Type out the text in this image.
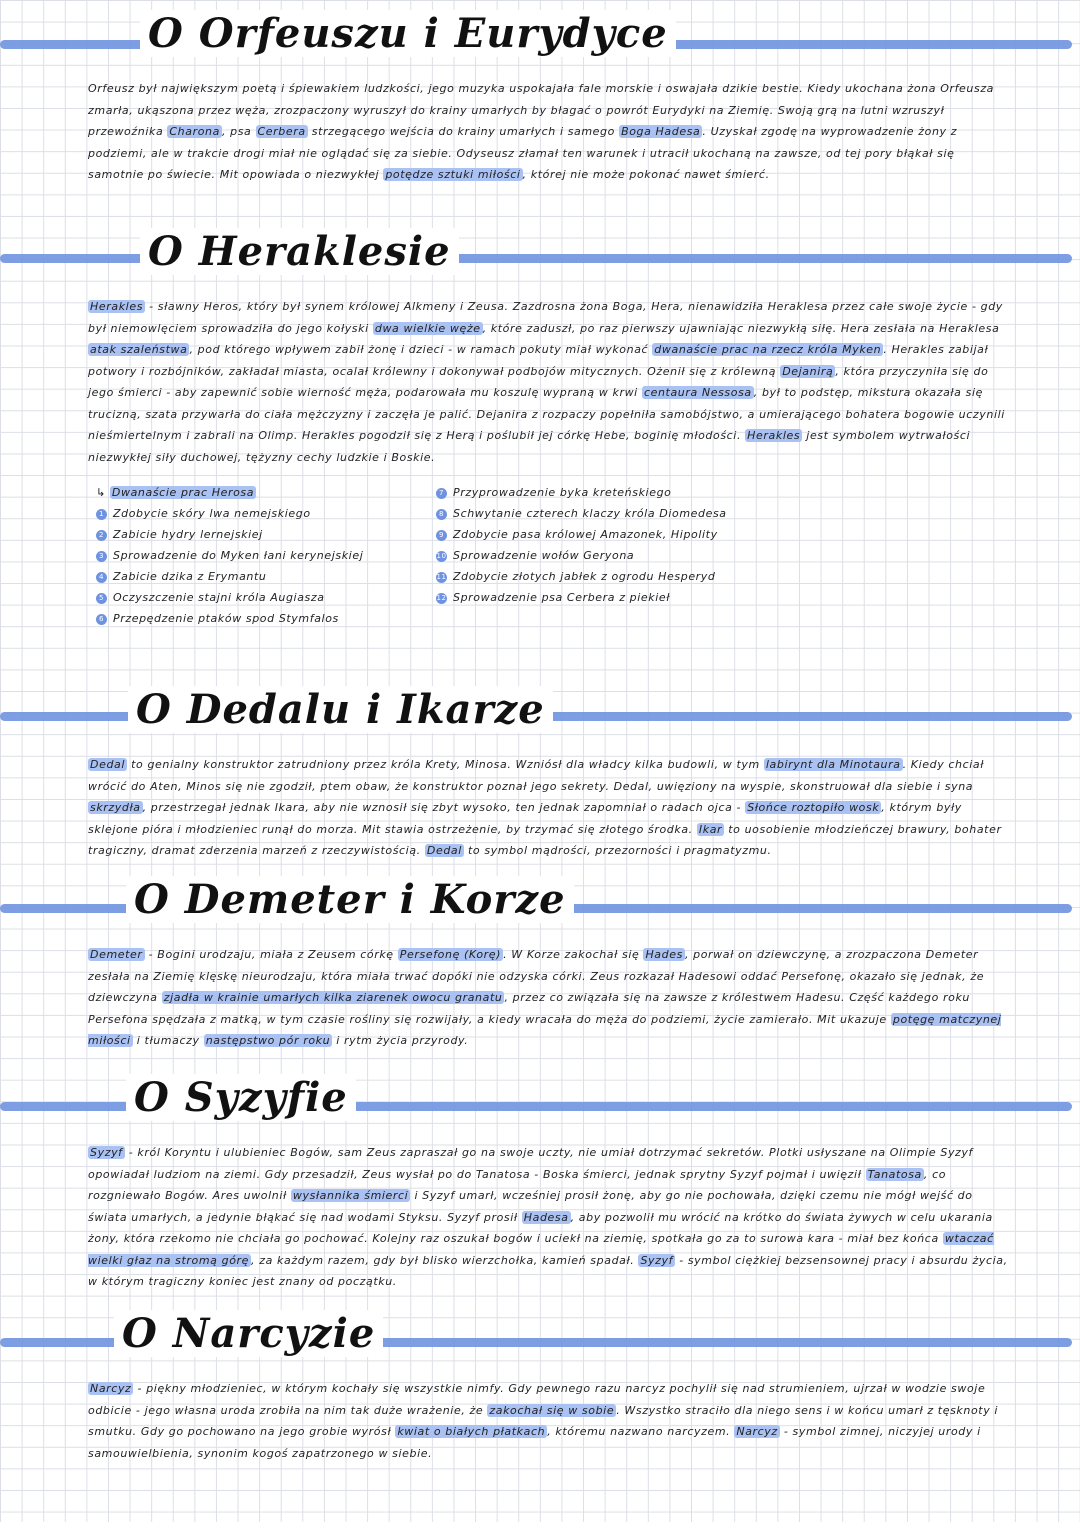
O Orfeuszu i Eurydyce

Orfeusz był największym poetą i śpiewakiem ludzkości, jego muzyka uspokajała fale morskie i oswajała dzikie bestie. Kiedy ukochana żona Orfeusza zmarła, ukąszona przez węża, zrozpaczony wyruszył do krainy umarłych by błagać o powrót Eurydyki na Ziemię. Swoją grą na lutni wzruszył przewoźnika Charona , psa Cerbera strzegącego wejścia do krainy umarłych i samego Boga Hadesa . Uzyskał zgodę na wyprowadzenie żony z podziemi, ale w trakcie drogi miał nie oglądać się za siebie. Odyseusz złamał ten warunek i utracił ukochaną na zawsze, od tej pory błąkał się samotnie po świecie. Mit opowiada o niezwykłej potędze sztuki miłości , której nie może pokonać nawet śmierć.

O Heraklesie

Herakles - sławny Heros, który był synem królowej Alkmeny i Zeusa. Zazdrosna żona Boga, Hera, nienawidziła Heraklesa przez całe swoje życie - gdy był niemowlęciem sprowadziła do jego kołyski dwa wielkie węże , które zaduszł, po raz pierwszy ujawniając niezwykłą siłę. Hera zesłała na Heraklesa atak szaleństwa , pod którego wpływem zabił żonę i dzieci - w ramach pokuty miał wykonać dwanaście prac na rzecz króla Myken . Herakles zabijał potwory i rozbójników, zakładał miasta, ocalał królewny i dokonywał podbojów mitycznych. Ożenił się z królewną Dejanirą , która przyczyniła się do jego śmierci - aby zapewnić sobie wierność męża, podarowała mu koszulę wypraną w krwi centaura Nessosa , był to podstęp, mikstura okazała się trucizną, szata przywarła do ciała mężczyzny i zaczęła je palić. Dejanira z rozpaczy popełniła samobójstwo, a umierającego bohatera bogowie uczynili nieśmiertelnym i zabrali na Olimp. Herakles pogodził się z Herą i poślubił jej córkę Hebe, boginię młodości. Herakles jest symbolem wytrwałości niezwykłej siły duchowej, tężyzny cechy ludzkie i Boskie.

↳ Dwanaście prac Herosa
1 Zdobycie skóry lwa nemejskiego
2 Zabicie hydry lernejskiej
3 Sprowadzenie do Myken łani kerynejskiej
4 Zabicie dzika z Erymantu
5 Oczyszczenie stajni króla Augiasza
6 Przepędzenie ptaków spod Stymfalos
7 Przyprowadzenie byka kreteńskiego
8 Schwytanie czterech klaczy króla Diomedesa
9 Zdobycie pasa królowej Amazonek, Hipolity
10 Sprowadzenie wołów Geryona
11 Zdobycie złotych jabłek z ogrodu Hesperyd
12 Sprowadzenie psa Cerbera z piekieł
O Dedalu i Ikarze

Dedal to genialny konstruktor zatrudniony przez króla Krety, Minosa. Wzniósł dla władcy kilka budowli, w tym labirynt dla Minotaura . Kiedy chciał wrócić do Aten, Minos się nie zgodził, ptem obaw, że konstruktor poznał jego sekrety. Dedal, uwięziony na wyspie, skonstruował dla siebie i syna skrzydła , przestrzegał jednak Ikara, aby nie wznosił się zbyt wysoko, ten jednak zapomniał o radach ojca - Słońce roztopiło wosk , którym były sklejone pióra i młodzieniec runął do morza. Mit stawia ostrzeżenie, by trzymać się złotego środka. Ikar to uosobienie młodzieńczej brawury, bohater tragiczny, dramat zderzenia marzeń z rzeczywistością. Dedal to symbol mądrości, przezorności i pragmatyzmu.

O Demeter i Korze

Demeter - Bogini urodzaju, miała z Zeusem córkę Persefonę (Korę) . W Korze zakochał się Hades , porwał on dziewczynę, a zrozpaczona Demeter zesłała na Ziemię klęskę nieurodzaju, która miała trwać dopóki nie odzyska córki. Zeus rozkazał Hadesowi oddać Persefonę, okazało się jednak, że dziewczyna zjadła w krainie umarłych kilka ziarenek owocu granatu , przez co związała się na zawsze z królestwem Hadesu. Część każdego roku Persefona spędzała z matką, w tym czasie rośliny się rozwijały, a kiedy wracała do męża do podziemi, życie zamierało. Mit ukazuje potęgę matczynej miłości i tłumaczy następstwo pór roku i rytm życia przyrody.

O Syzyfie

Syzyf - król Koryntu i ulubieniec Bogów, sam Zeus zapraszał go na swoje uczty, nie umiał dotrzymać sekretów. Plotki usłyszane na Olimpie Syzyf opowiadał ludziom na ziemi. Gdy przesadził, Zeus wysłał po do Tanatosa - Boska śmierci, jednak sprytny Syzyf pojmał i uwięził Tanatosa , co rozgniewało Bogów. Ares uwolnił wysłannika śmierci i Syzyf umarł, wcześniej prosił żonę, aby go nie pochowała, dzięki czemu nie mógł wejść do świata umarłych, a jedynie błąkać się nad wodami Styksu. Syzyf prosił Hadesa , aby pozwolił mu wrócić na krótko do świata żywych w celu ukarania żony, która rzekomo nie chciała go pochować. Kolejny raz oszukał bogów i uciekł na ziemię, spotkała go za to surowa kara - miał bez końca wtaczać wielki głaz na stromą górę , za każdym razem, gdy był blisko wierzchołka, kamień spadał. Syzyf - symbol ciężkiej bezsensownej pracy i absurdu życia, w którym tragiczny koniec jest znany od początku.

O Narcyzie

Narcyz - piękny młodzieniec, w którym kochały się wszystkie nimfy. Gdy pewnego razu narcyz pochylił się nad strumieniem, ujrzał w wodzie swoje odbicie - jego własna uroda zrobiła na nim tak duże wrażenie, że zakochał się w sobie . Wszystko straciło dla niego sens i w końcu umarł z tęsknoty i smutku. Gdy go pochowano na jego grobie wyrósł kwiat o białych płatkach , któremu nazwano narcyzem. Narcyz - symbol zimnej, niczyjej urody i samouwielbienia, synonim kogoś zapatrzonego w siebie.
